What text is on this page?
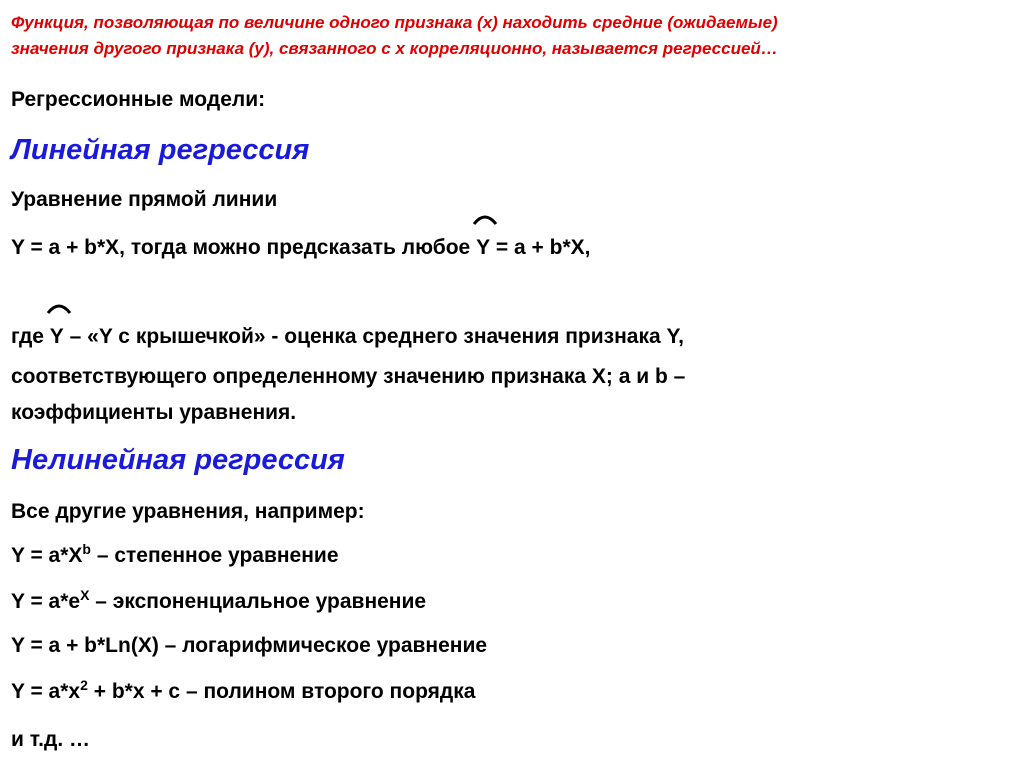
Функция, позволяющая по величине одного признака (x) находить средние (ожидаемые)
значения другого признака (y), связанного с x корреляционно, называется регрессией…

Регрессионные модели:

Линейная регрессия

Уравнение прямой линии

Y = a + b*X, тогда можно предсказать любое
Y = a + b*X,

где
Y – «Y с крышечкой» - оценка среднего значения признака Y,

соответствующего определенному значению признака X; a и b –

коэффициенты уравнения.

Нелинейная регрессия

Все другие уравнения, например:

$Y = a*X^b$ – степенное уравнение

$Y = a*e^X$ – экспоненциальное уравнение

Y = a + b*Ln(X) – логарифмическое уравнение

$Y = a*x^2 + b*x + c$ – полином второго порядка

и т.д. …
